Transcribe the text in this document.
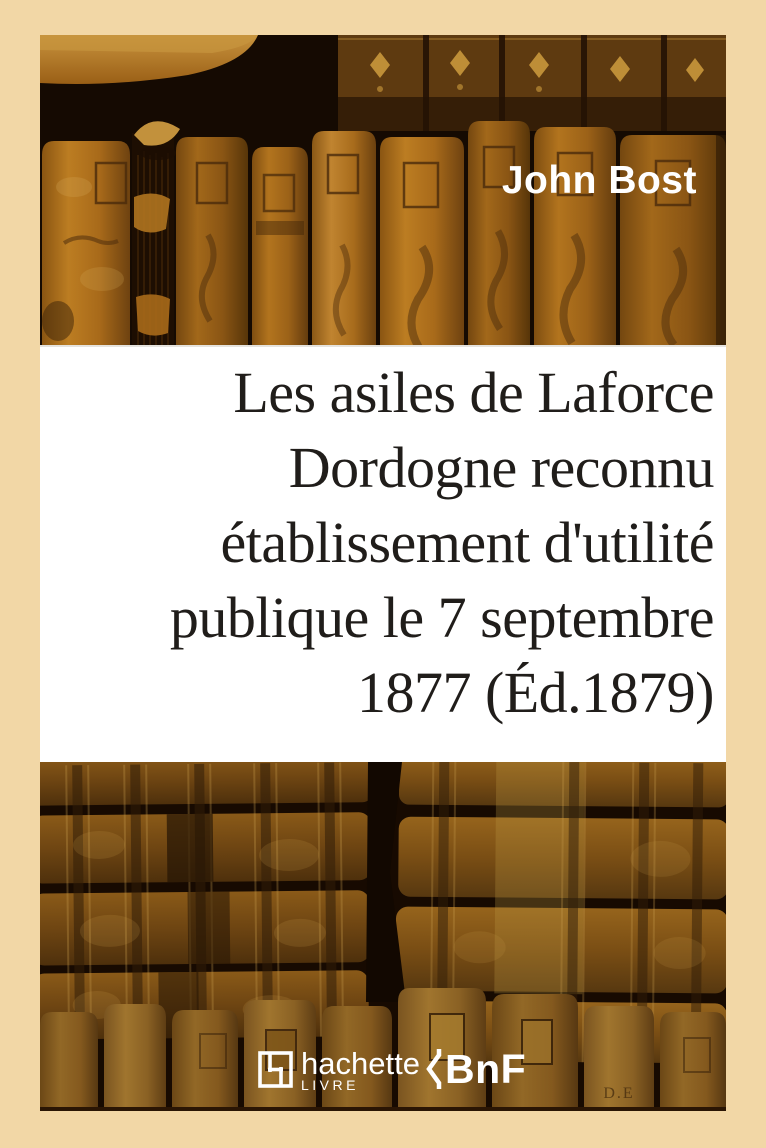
John Bost
Les asiles de Laforce
Dordogne reconnu
établissement d'utilité
publique le 7 septembre
1877 (Éd.1879)
D.E
hachette
LIVRE	BnF
